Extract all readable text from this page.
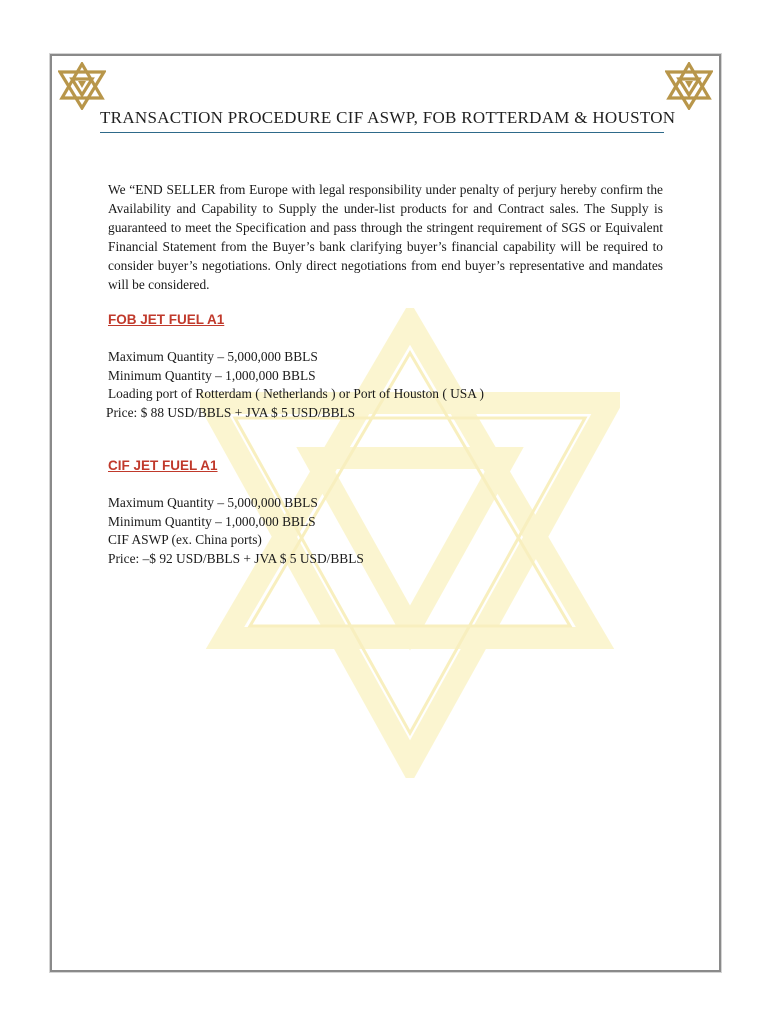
TRANSACTION PROCEDURE CIF ASWP, FOB ROTTERDAM & HOUSTON

We “END SELLER from Europe with legal responsibility under penalty of perjury hereby confirm the Availability and Capability to Supply the under-list products for and Contract sales. The Supply is guaranteed to meet the Specification and pass through the stringent requirement of SGS or Equivalent Financial Statement from the Buyer’s bank clarifying buyer’s financial capability will be required to consider buyer’s negotiations. Only direct negotiations from end buyer’s representative and mandates will be considered.

FOB JET FUEL A1
Maximum Quantity – 5,000,000 BBLS
Minimum Quantity – 1,000,000 BBLS
Loading port of Rotterdam ( Netherlands ) or Port of Houston ( USA )
Price: $ 88 USD/BBLS + JVA $ 5 USD/BBLS
CIF JET FUEL A1
Maximum Quantity – 5,000,000 BBLS
Minimum Quantity – 1,000,000 BBLS
CIF ASWP (ex. China ports)
Price: –$ 92 USD/BBLS + JVA $ 5 USD/BBLS
